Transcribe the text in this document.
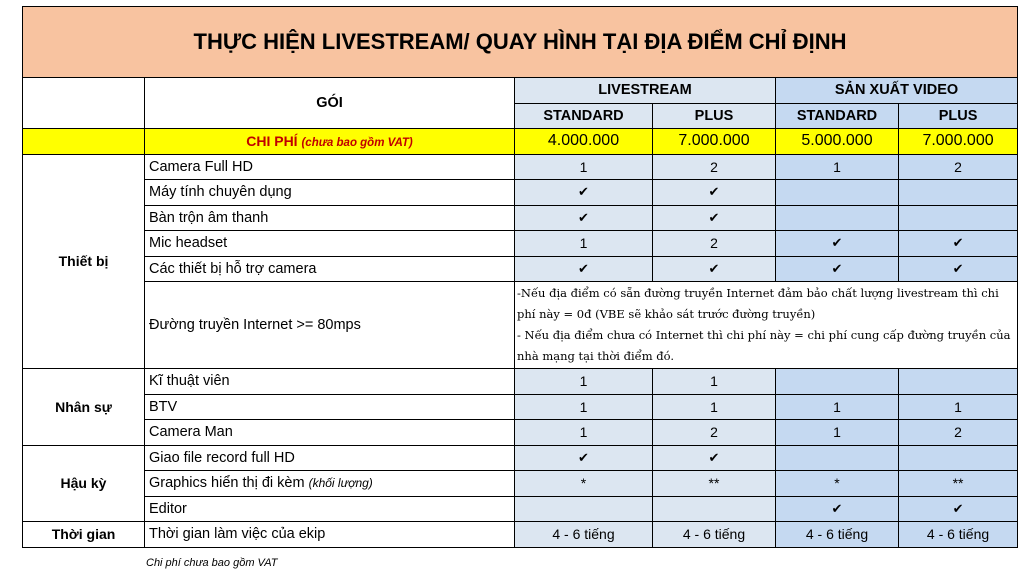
THỰC HIỆN LIVESTREAM/ QUAY HÌNH TẠI ĐỊA ĐIỂM CHỈ ĐỊNH					
	GÓI	LIVESTREAM		SẢN XUẤT VIDEO	
		STANDARD	PLUS	STANDARD	PLUS
	CHI PHÍ (chưa bao gồm VAT)	4.000.000	7.000.000	5.000.000	7.000.000
Thiết bị	Camera Full HD	1	2	1	2
	Máy tính chuyên dụng	✔	✔		
	Bàn trộn âm thanh	✔	✔		
	Mic headset	1	2	✔	✔
	Các thiết bị hỗ trợ camera	✔	✔	✔	✔
	Đường truyền Internet >= 80mps	-Nếu địa điểm có sẵn đường truyền Internet đảm bảo chất lượng livestream thì chi phí này = 0đ (VBE sẽ khảo sát trước đường truyền)
- Nếu địa điểm chưa có Internet thì chi phí này = chi phí cung cấp đường truyền của nhà mạng tại thời điểm đó.			

Nhân sự	Kĩ thuật viên	1	1		
	BTV	1	1	1	1
	Camera Man	1	2	1	2
Hậu kỳ	Giao file record full HD	✔	✔		
	Graphics hiển thị đi kèm (khối lượng)	*	**	*	**
	Editor			✔	✔
Thời gian	Thời gian làm việc của ekip	4 - 6 tiếng	4 - 6 tiếng	4 - 6 tiếng	4 - 6 tiếng
Chi phí chưa bao gồm VAT
